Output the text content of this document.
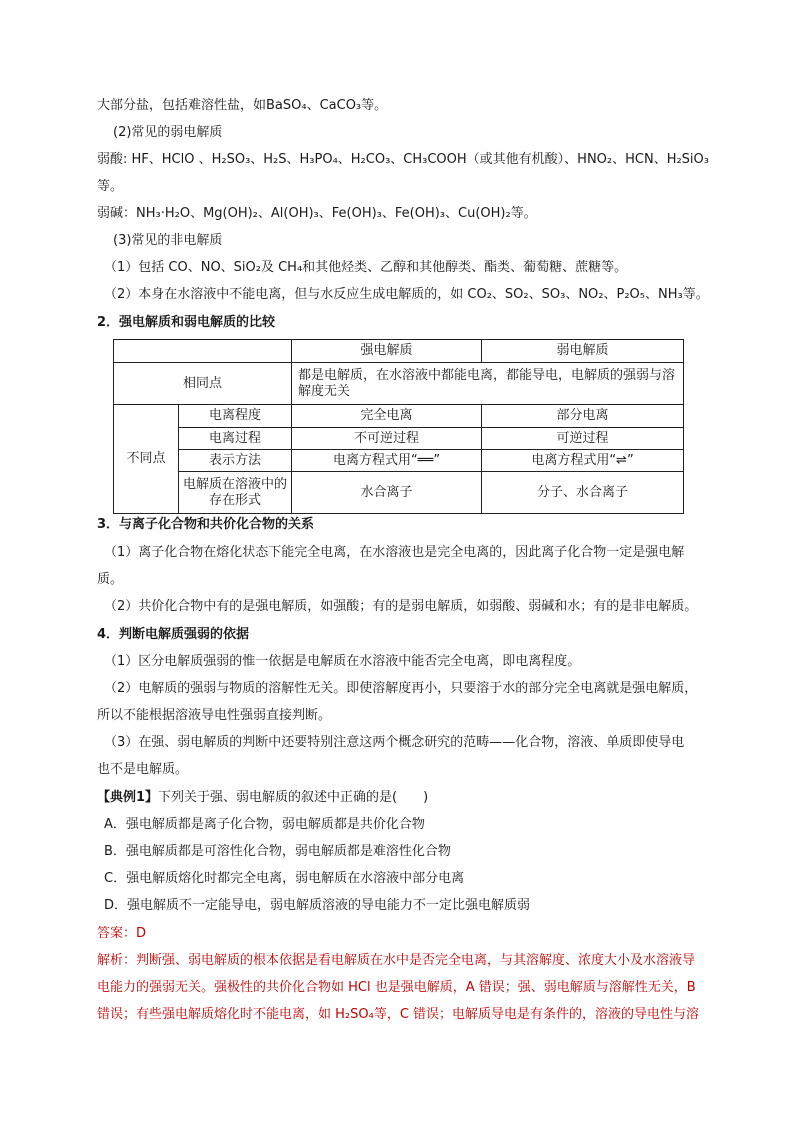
大部分盐，包括难溶性盐，如BaSO₄、CaCO₃等。
(2)常见的弱电解质
弱酸: HF、HClO 、H₂SO₃、H₂S、H₃PO₄、H₂CO₃、CH₃COOH（或其他有机酸）、HNO₂、HCN、H₂SiO₃
等。
弱碱：NH₃·H₂O、Mg(OH)₂、Al(OH)₃、Fe(OH)₃、Fe(OH)₃、Cu(OH)₂等。
(3)常见的非电解质
（1）包括 CO、NO、SiO₂及 CH₄和其他烃类、乙醇和其他醇类、酯类、葡萄糖、蔗糖等。
（2）本身在水溶液中不能电离，但与水反应生成电解质的，如 CO₂、SO₂、SO₃、NO₂、P₂O₅、NH₃等。
2．强电解质和弱电解质的比较
		强电解质	弱电解质
相同点		都是电解质，在水溶液中都能电离，都能导电，电解质的强弱与溶解度无关	
不同点	电离程度	完全电离	部分电离
	电离过程	不可逆过程	可逆过程
	表示方法	电离方程式用“══”	电离方程式用“⇌”
	电解质在溶液中的存在形式	水合离子	分子、水合离子
3．与离子化合物和共价化合物的关系
（1）离子化合物在熔化状态下能完全电离，在水溶液也是完全电离的，因此离子化合物一定是强电解
质。
（2）共价化合物中有的是强电解质，如强酸；有的是弱电解质，如弱酸、弱碱和水；有的是非电解质。
4．判断电解质强弱的依据
（1）区分电解质强弱的惟一依据是电解质在水溶液中能否完全电离，即电离程度。
（2）电解质的强弱与物质的溶解性无关。即使溶解度再小，只要溶于水的部分完全电离就是强电解质，
所以不能根据溶液导电性强弱直接判断。
（3）在强、弱电解质的判断中还要特别注意这两个概念研究的范畴——化合物，溶液、单质即使导电
也不是电解质。
【典例1】下列关于强、弱电解质的叙述中正确的是(　　)
A．强电解质都是离子化合物，弱电解质都是共价化合物
B．强电解质都是可溶性化合物，弱电解质都是难溶性化合物
C．强电解质熔化时都完全电离，弱电解质在水溶液中部分电离
D．强电解质不一定能导电，弱电解质溶液的导电能力不一定比强电解质弱
答案：D
解析：判断强、弱电解质的根本依据是看电解质在水中是否完全电离，与其溶解度、浓度大小及水溶液导
电能力的强弱无关。强极性的共价化合物如 HCl 也是强电解质，A 错误；强、弱电解质与溶解性无关，B
错误；有些强电解质熔化时不能电离，如 H₂SO₄等，C 错误；电解质导电是有条件的，溶液的导电性与溶
